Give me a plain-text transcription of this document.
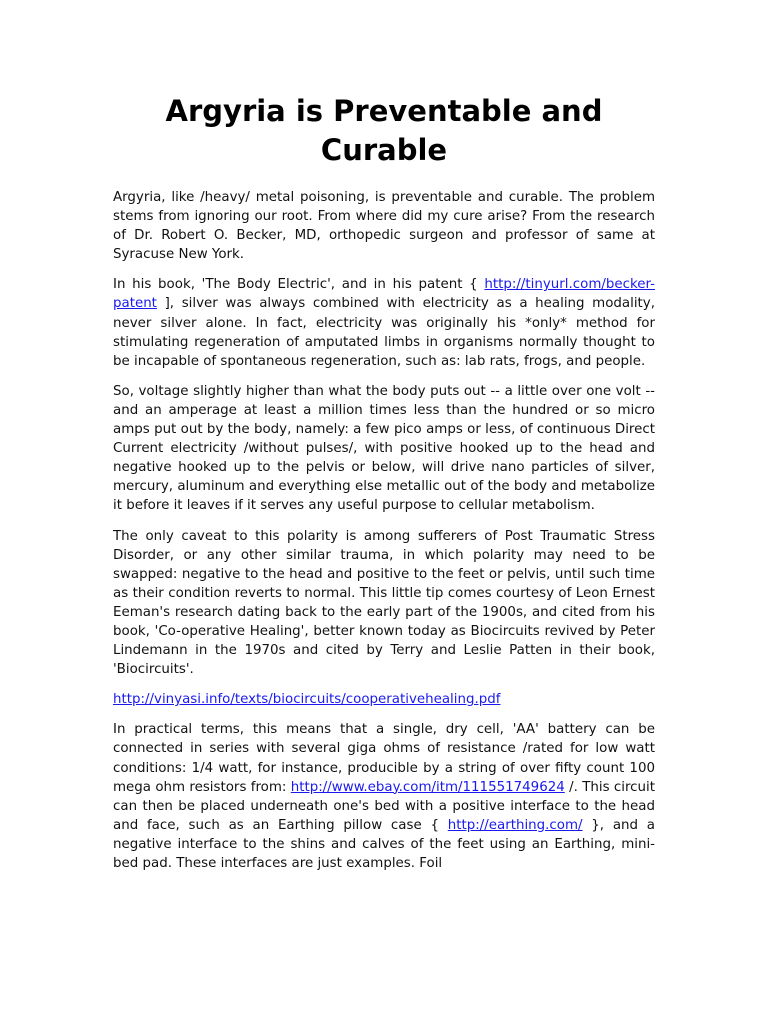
Argyria is Preventable and Curable

Argyria, like /heavy/ metal poisoning, is preventable and curable. The problem stems from ignoring our root. From where did my cure arise? From the research of Dr. Robert O. Becker, MD, orthopedic surgeon and professor of same at Syracuse New York.

In his book, 'The Body Electric', and in his patent { http://tinyurl.com/becker-patent ], silver was always combined with electricity as a healing modality, never silver alone. In fact, electricity was originally his *only* method for stimulating regeneration of amputated limbs in organisms normally thought to be incapable of spontaneous regeneration, such as: lab rats, frogs, and people.

So, voltage slightly higher than what the body puts out -- a little over one volt -- and an amperage at least a million times less than the hundred or so micro amps put out by the body, namely: a few pico amps or less, of continuous Direct Current electricity /without pulses/, with positive hooked up to the head and negative hooked up to the pelvis or below, will drive nano particles of silver, mercury, aluminum and everything else metallic out of the body and metabolize it before it leaves if it serves any useful purpose to cellular metabolism.

The only caveat to this polarity is among sufferers of Post Traumatic Stress Disorder, or any other similar trauma, in which polarity may need to be swapped: negative to the head and positive to the feet or pelvis, until such time as their condition reverts to normal. This little tip comes courtesy of Leon Ernest Eeman's research dating back to the early part of the 1900s, and cited from his book, 'Co-operative Healing', better known today as Biocircuits revived by Peter Lindemann in the 1970s and cited by Terry and Leslie Patten in their book, 'Biocircuits'.

http://vinyasi.info/texts/biocircuits/cooperativehealing.pdf

In practical terms, this means that a single, dry cell, 'AA' battery can be connected in series with several giga ohms of resistance /rated for low watt conditions: 1/4 watt, for instance, producible by a string of over fifty count 100 mega ohm resistors from: http://www.ebay.com/itm/111551749624 /. This circuit can then be placed underneath one's bed with a positive interface to the head and face, such as an Earthing pillow case { http://earthing.com/ }, and a negative interface to the shins and calves of the feet using an Earthing, mini-bed pad. These interfaces are just examples. Foil
